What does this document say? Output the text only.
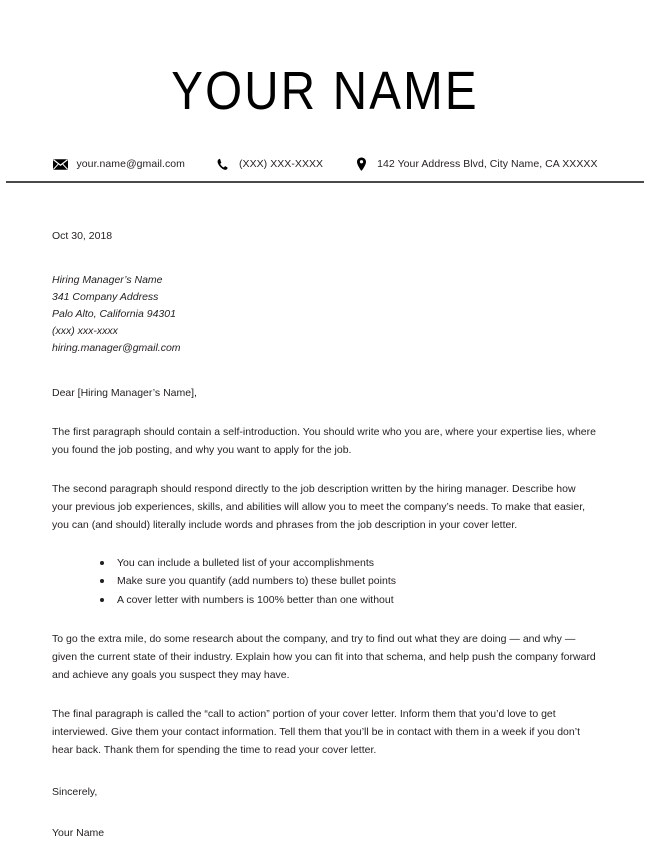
YOUR NAME
your.name@gmail.com	(XXX) XXX-XXXX	142 Your Address Blvd, City Name, CA XXXXX
Oct 30, 2018
Hiring Manager’s Name
341 Company Address
Palo Alto, California 94301
(xxx) xxx-xxxx
hiring.manager@gmail.com

Dear [Hiring Manager’s Name],

The first paragraph should contain a self-introduction. You should write who you are, where your expertise lies, where you found the job posting, and why you want to apply for the job.

The second paragraph should respond directly to the job description written by the hiring manager. Describe how your previous job experiences, skills, and abilities will allow you to meet the company’s needs. To make that easier, you can (and should) literally include words and phrases from the job description in your cover letter.

You can include a bulleted list of your accomplishments
Make sure you quantify (add numbers to) these bullet points
A cover letter with numbers is 100% better than one without

To go the extra mile, do some research about the company, and try to find out what they are doing — and why — given the current state of their industry. Explain how you can fit into that schema, and help push the company forward and achieve any goals you suspect they may have.

The final paragraph is called the “call to action” portion of your cover letter. Inform them that you’d love to get interviewed. Give them your contact information. Tell them that you’ll be in contact with them in a week if you don’t hear back. Thank them for spending the time to read your cover letter.

Sincerely,

Your Name
